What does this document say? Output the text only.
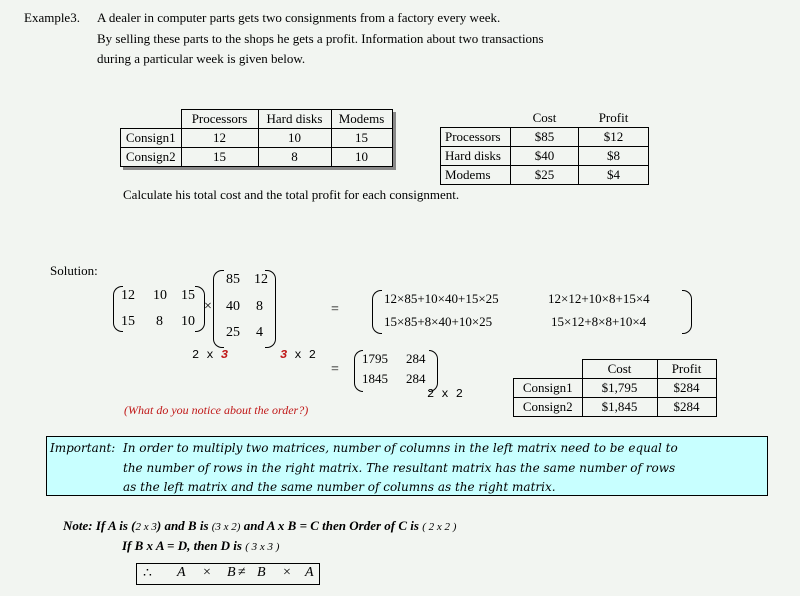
Example3. A dealer in computer parts gets two consignments from a factory every week.
By selling these parts to the shops he gets a profit. Information about two transactions
during a particular week is given below.
	Processors	Hard disks	Modems
Consign1	12	10	15
Consign2	15	8	10
	Cost	Profit
Processors	$85	$12
Hard disks	$40	$8
Modems	$25	$4
Calculate his total cost and the total profit for each consignment.
Solution:
12 10 15
15 8 10
×
85 12
40 8
25 4
2 x 3	3 x 2
=
12×85+10×40+15×25	12×12+10×8+15×4
15×85+8×40+10×25	15×12+8×8+10×4
=
1795 284
1845 284
2 x 2
	Cost	Profit
Consign1	$1,795	$284
Consign2	$1,845	$284
(What do you notice about the order?)
Important: In order to multiply two matrices, number of columns in the left matrix need to be equal to
the number of rows in the right matrix. The resultant matrix has the same number of rows
as the left matrix and the same number of columns as the right matrix.
Note: If A is (2 x 3) and B is (3 x 2) and A x B = C then Order of C is ( 2 x 2 )
If B x A = D, then D is ( 3 x 3 )
∴ A × B ≠ B × A
